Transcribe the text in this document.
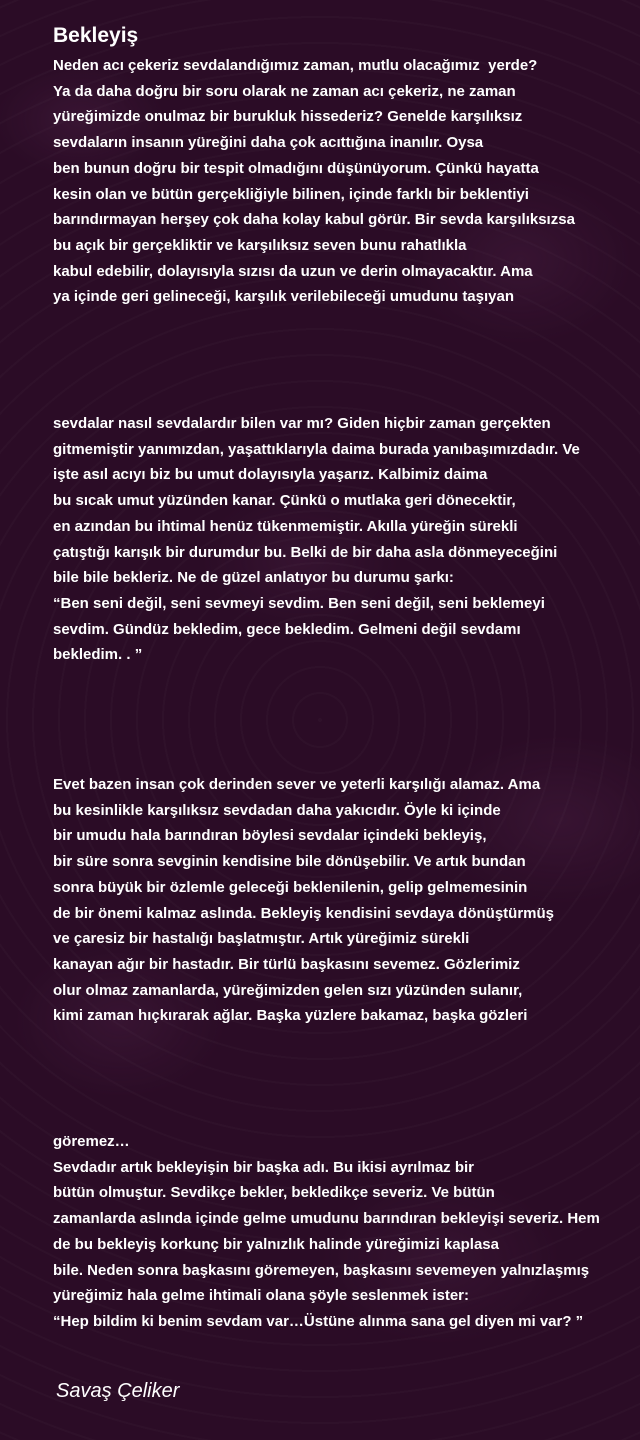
Bekleyiş

Neden acı çekeriz sevdalandığımız zaman, mutlu olacağımız  yerde?
Ya da daha doğru bir soru olarak ne zaman acı çekeriz, ne zaman
yüreğimizde onulmaz bir burukluk hissederiz? Genelde karşılıksız
sevdaların insanın yüreğini daha çok acıttığına inanılır. Oysa
ben bunun doğru bir tespit olmadığını düşünüyorum. Çünkü hayatta
kesin olan ve bütün gerçekliğiyle bilinen, içinde farklı bir beklentiyi
barındırmayan herşey çok daha kolay kabul görür. Bir sevda karşılıksızsa
bu açık bir gerçekliktir ve karşılıksız seven bunu rahatlıkla
kabul edebilir, dolayısıyla sızısı da uzun ve derin olmayacaktır. Ama
ya içinde geri gelineceği, karşılık verilebileceği umudunu taşıyan

sevdalar nasıl sevdalardır bilen var mı? Giden hiçbir zaman gerçekten
gitmemiştir yanımızdan, yaşattıklarıyla daima burada yanıbaşımızdadır. Ve
işte asıl acıyı biz bu umut dolayısıyla yaşarız. Kalbimiz daima
bu sıcak umut yüzünden kanar. Çünkü o mutlaka geri dönecektir,
en azından bu ihtimal henüz tükenmemiştir. Akılla yüreğin sürekli
çatıştığı karışık bir durumdur bu. Belki de bir daha asla dönmeyeceğini
bile bile bekleriz. Ne de güzel anlatıyor bu durumu şarkı:
“Ben seni değil, seni sevmeyi sevdim. Ben seni değil, seni beklemeyi
sevdim. Gündüz bekledim, gece bekledim. Gelmeni değil sevdamı
bekledim. . ”

Evet bazen insan çok derinden sever ve yeterli karşılığı alamaz. Ama
bu kesinlikle karşılıksız sevdadan daha yakıcıdır. Öyle ki içinde
bir umudu hala barındıran böylesi sevdalar içindeki bekleyiş,
bir süre sonra sevginin kendisine bile dönüşebilir. Ve artık bundan
sonra büyük bir özlemle geleceği beklenilenin, gelip gelmemesinin
de bir önemi kalmaz aslında. Bekleyiş kendisini sevdaya dönüştürmüş
ve çaresiz bir hastalığı başlatmıştır. Artık yüreğimiz sürekli
kanayan ağır bir hastadır. Bir türlü başkasını sevemez. Gözlerimiz
olur olmaz zamanlarda, yüreğimizden gelen sızı yüzünden sulanır,
kimi zaman hıçkırarak ağlar. Başka yüzlere bakamaz, başka gözleri

göremez…
Sevdadır artık bekleyişin bir başka adı. Bu ikisi ayrılmaz bir
bütün olmuştur. Sevdikçe bekler, bekledikçe severiz. Ve bütün
zamanlarda aslında içinde gelme umudunu barındıran bekleyişi severiz. Hem
de bu bekleyiş korkunç bir yalnızlık halinde yüreğimizi kaplasa
bile. Neden sonra başkasını göremeyen, başkasını sevemeyen yalnızlaşmış
yüreğimiz hala gelme ihtimali olana şöyle seslenmek ister:
“Hep bildim ki benim sevdam var…Üstüne alınma sana gel diyen mi var? ”

Savaş Çeliker
